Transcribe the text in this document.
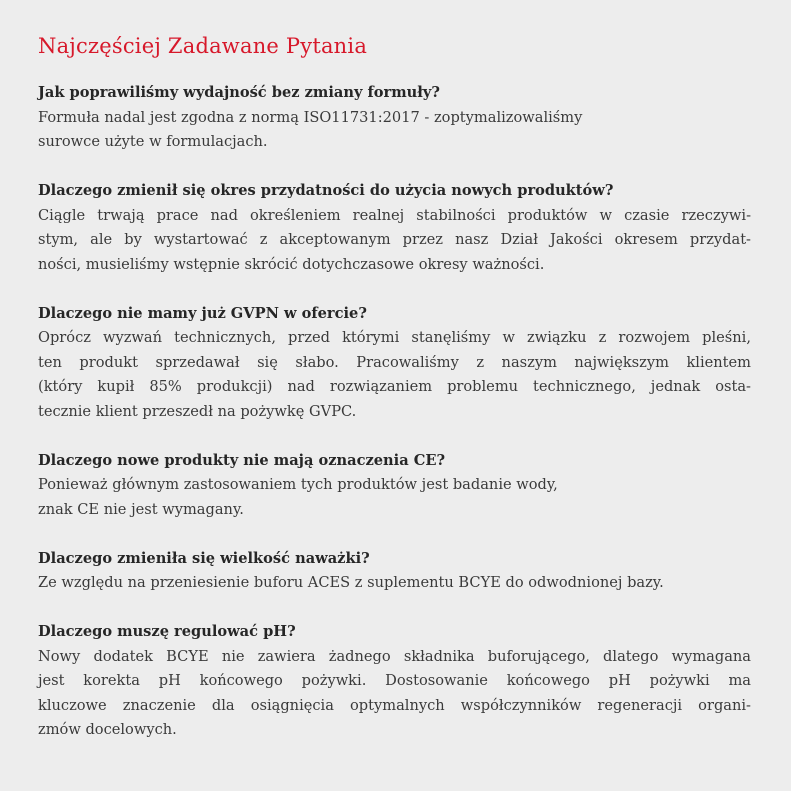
Najczęściej Zadawane Pytania

Jak poprawiliśmy wydajność bez zmiany formuły?

Formuła nadal jest zgodna z normą ISO11731:2017 - zoptymalizowaliśmy
surowce użyte w formulacjach.

Dlaczego zmienił się okres przydatności do użycia nowych produktów?

Ciągle trwają prace nad określeniem realnej stabilności produktów w czasie rzeczywi-
stym, ale by wystartować z akceptowanym przez nasz Dział Jakości okresem przydat-
ności, musieliśmy wstępnie skrócić dotychczasowe okresy ważności.

Dlaczego nie mamy już GVPN w ofercie?

Oprócz wyzwań technicznych, przed którymi stanęliśmy w związku z rozwojem pleśni,
ten produkt sprzedawał się słabo. Pracowaliśmy z naszym największym klientem
(który kupił 85% produkcji) nad rozwiązaniem problemu technicznego, jednak osta-
tecznie klient przeszedł na pożywkę GVPC.

Dlaczego nowe produkty nie mają oznaczenia CE?

Ponieważ głównym zastosowaniem tych produktów jest badanie wody,
znak CE nie jest wymagany.

Dlaczego zmieniła się wielkość naważki?

Ze względu na przeniesienie buforu ACES z suplementu BCYE do odwodnionej bazy.

Dlaczego muszę regulować pH?

Nowy dodatek BCYE nie zawiera żadnego składnika buforującego, dlatego wymagana
jest korekta pH końcowego pożywki. Dostosowanie końcowego pH pożywki ma
kluczowe znaczenie dla osiągnięcia optymalnych współczynników regeneracji organi-
zmów docelowych.
